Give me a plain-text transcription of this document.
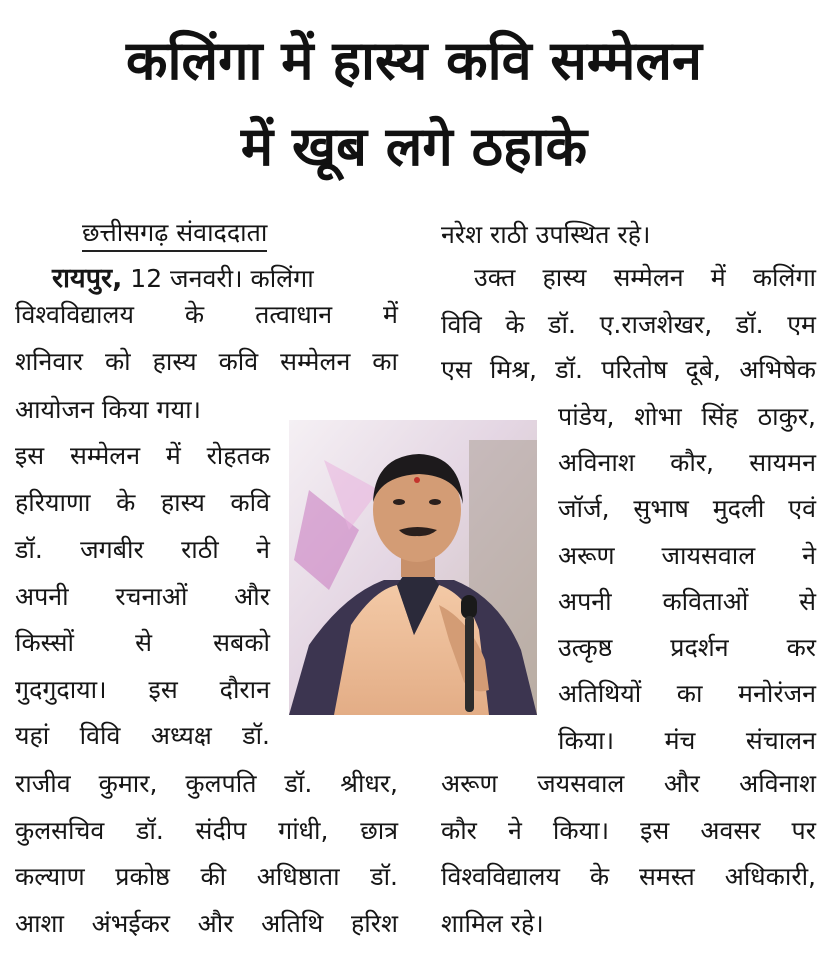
कलिंगा में हास्य कवि सम्मेलन
में खूब लगे ठहाके
छत्तीसगढ़ संवाददाता
रायपुर, 12 जनवरी। कलिंगा
विश्वविद्यालय के तत्वाधान में
शनिवार को हास्य कवि सम्मेलन का
आयोजन किया गया।
इस सम्मेलन में रोहतक
हरियाणा के हास्य कवि
डॉ. जगबीर राठी ने
अपनी रचनाओं और
किस्सों से सबको
गुदगुदाया। इस दौरान
यहां विवि अध्यक्ष डॉ.
राजीव कुमार, कुलपति डॉ. श्रीधर,
कुलसचिव डॉ. संदीप गांधी, छात्र
कल्याण प्रकोष्ठ की अधिष्ठाता डॉ.
आशा अंभईकर और अतिथि हरिश
नरेश राठी उपस्थित रहे।
उक्त हास्य सम्मेलन में कलिंगा
विवि के डॉ. ए.राजशेखर, डॉ. एम
एस मिश्र, डॉ. परितोष दूबे, अभिषेक
पांडेय, शोभा सिंह ठाकुर,
अविनाश कौर, सायमन
जॉर्ज, सुभाष मुदली एवं
अरूण जायसवाल ने
अपनी कविताओं से
उत्कृष्ठ प्रदर्शन कर
अतिथियों का मनोरंजन
किया। मंच संचालन
अरूण जयसवाल और अविनाश
कौर ने किया। इस अवसर पर
विश्वविद्यालय के समस्त अधिकारी,
शामिल रहे।
